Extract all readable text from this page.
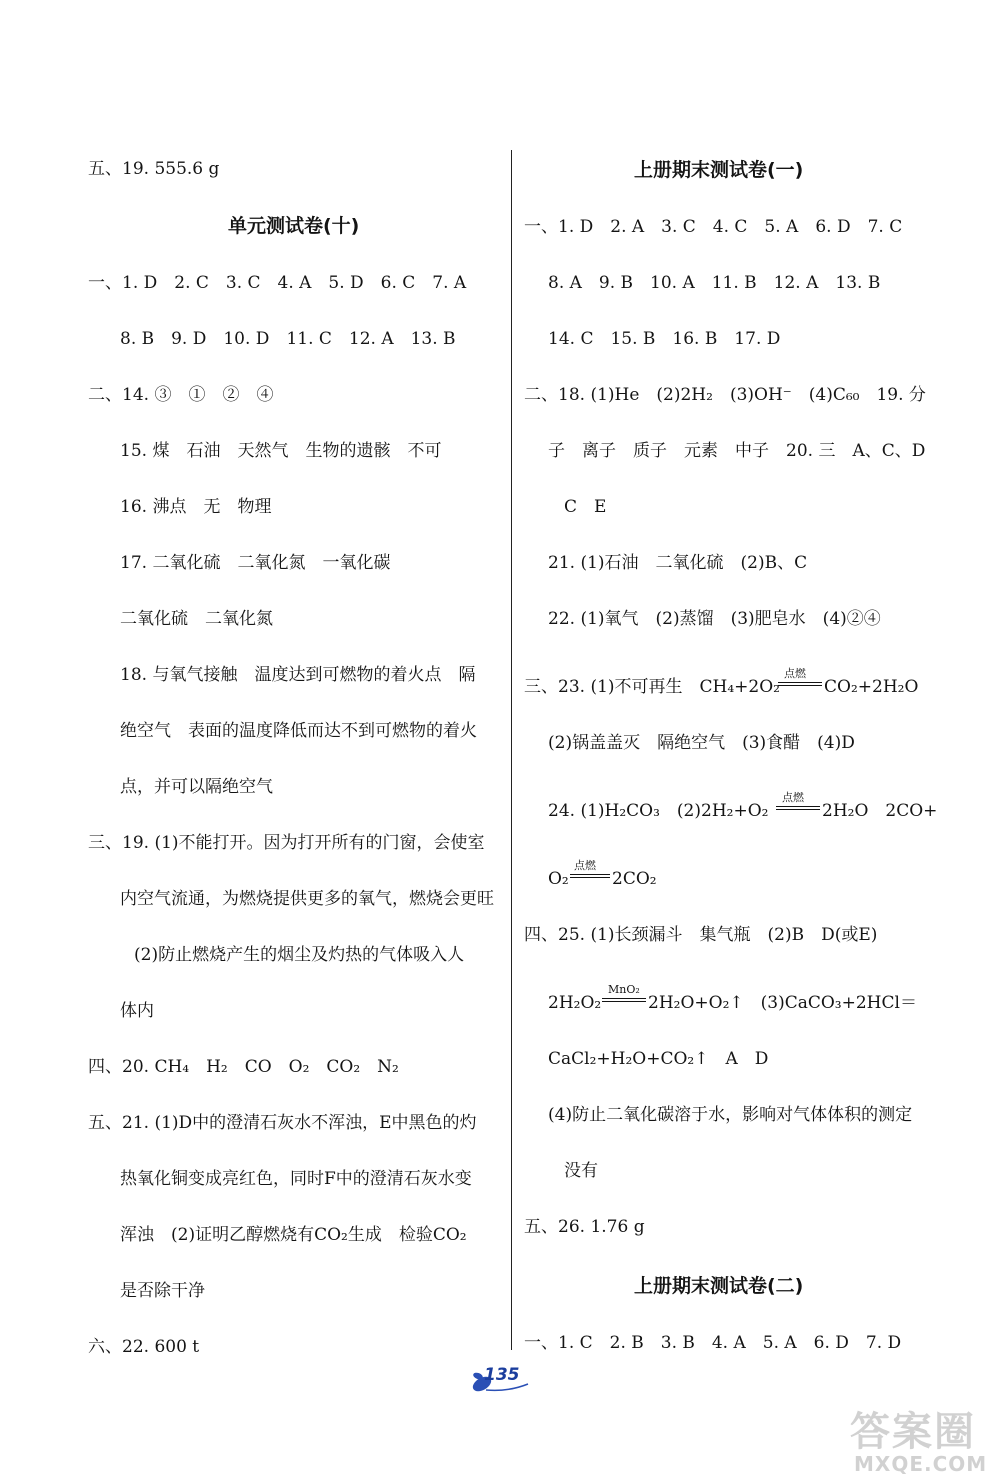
五、19. 555.6 g
单元测试卷(十)
一、1. D　2. C　3. C　4. A　5. D　6. C　7. A
8. B　9. D　10. D　11. C　12. A　13. B
二、14. ③　①　②　④
15. 煤　石油　天然气　生物的遗骸　不可
16. 沸点　无　物理
17. 二氧化硫　二氧化氮　一氧化碳
二氧化硫　二氧化氮
18. 与氧气接触　温度达到可燃物的着火点　隔
绝空气　表面的温度降低而达不到可燃物的着火
点，并可以隔绝空气
三、19. (1)不能打开。因为打开所有的门窗，会使室
内空气流通，为燃烧提供更多的氧气，燃烧会更旺
(2)防止燃烧产生的烟尘及灼热的气体吸入人
体内
四、20. CH₄　H₂　CO　O₂　CO₂　N₂
五、21. (1)D中的澄清石灰水不浑浊，E中黑色的灼
热氧化铜变成亮红色，同时F中的澄清石灰水变
浑浊　(2)证明乙醇燃烧有CO₂生成　检验CO₂
是否除干净
六、22. 600 t
上册期末测试卷(一)
一、1. D　2. A　3. C　4. C　5. A　6. D　7. C
8. A　9. B　10. A　11. B　12. A　13. B
14. C　15. B　16. B　17. D
二、18. (1)He　(2)2H₂　(3)OH⁻　(4)C₆₀　19. 分
子　离子　质子　元素　中子　20. 三　A、C、D
C　E
21. (1)石油　二氧化硫　(2)B、C
22. (1)氧气　(2)蒸馏　(3)肥皂水　(4)②④
三、23. (1)不可再生　CH₄+2O₂
点燃
CO₂+2H₂O
(2)锅盖盖灭　隔绝空气　(3)食醋　(4)D
24. (1)H₂CO₃　(2)2H₂+O₂
点燃
2H₂O　2CO+
O₂
点燃
2CO₂
四、25. (1)长颈漏斗　集气瓶　(2)B　D(或E)
2H₂O₂
MnO₂
2H₂O+O₂↑　(3)CaCO₃+2HCl＝
CaCl₂+H₂O+CO₂↑　A　D
(4)防止二氧化碳溶于水，影响对气体体积的测定
没有
五、26. 1.76 g
上册期末测试卷(二)
一、1. C　2. B　3. B　4. A　5. A　6. D　7. D
135
答案圈
MXQE.COM
